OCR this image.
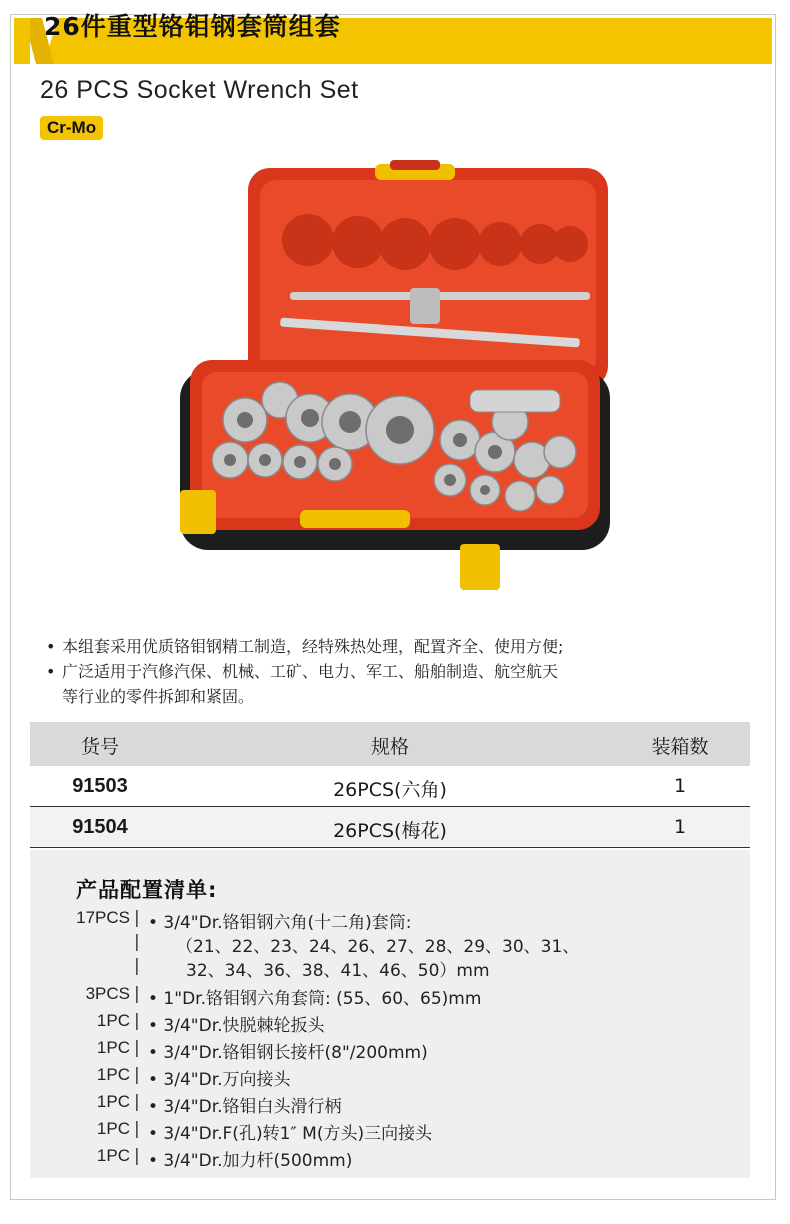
26件重型铬钼钢套筒组套
26 PCS Socket Wrench Set
Cr-Mo
• 本组套采用优质铬钼钢精工制造，经特殊热处理，配置齐全、使用方便;
• 广泛适用于汽修汽保、机械、工矿、电力、军工、船舶制造、航空航天
等行业的零件拆卸和紧固。
货号	规格	装箱数
91503	26PCS(六角)	1
91504	26PCS(梅花)	1
产品配置清单:
17PCS | • 3/4"Dr.铬钼钢六角(十二角)套筒:
| （21、22、23、24、26、27、28、29、30、31、
|	32、34、36、38、41、46、50）mm
3PCS | • 1"Dr.铬钼钢六角套筒: (55、60、65)mm
1PC | • 3/4"Dr.快脱棘轮扳头
1PC | • 3/4"Dr.铬钼钢长接杆(8"/200mm)
1PC | • 3/4"Dr.万向接头
1PC | • 3/4"Dr.铬钼白头滑行柄
1PC | • 3/4"Dr.F(孔)转1″ M(方头)三向接头
1PC | • 3/4"Dr.加力杆(500mm)
